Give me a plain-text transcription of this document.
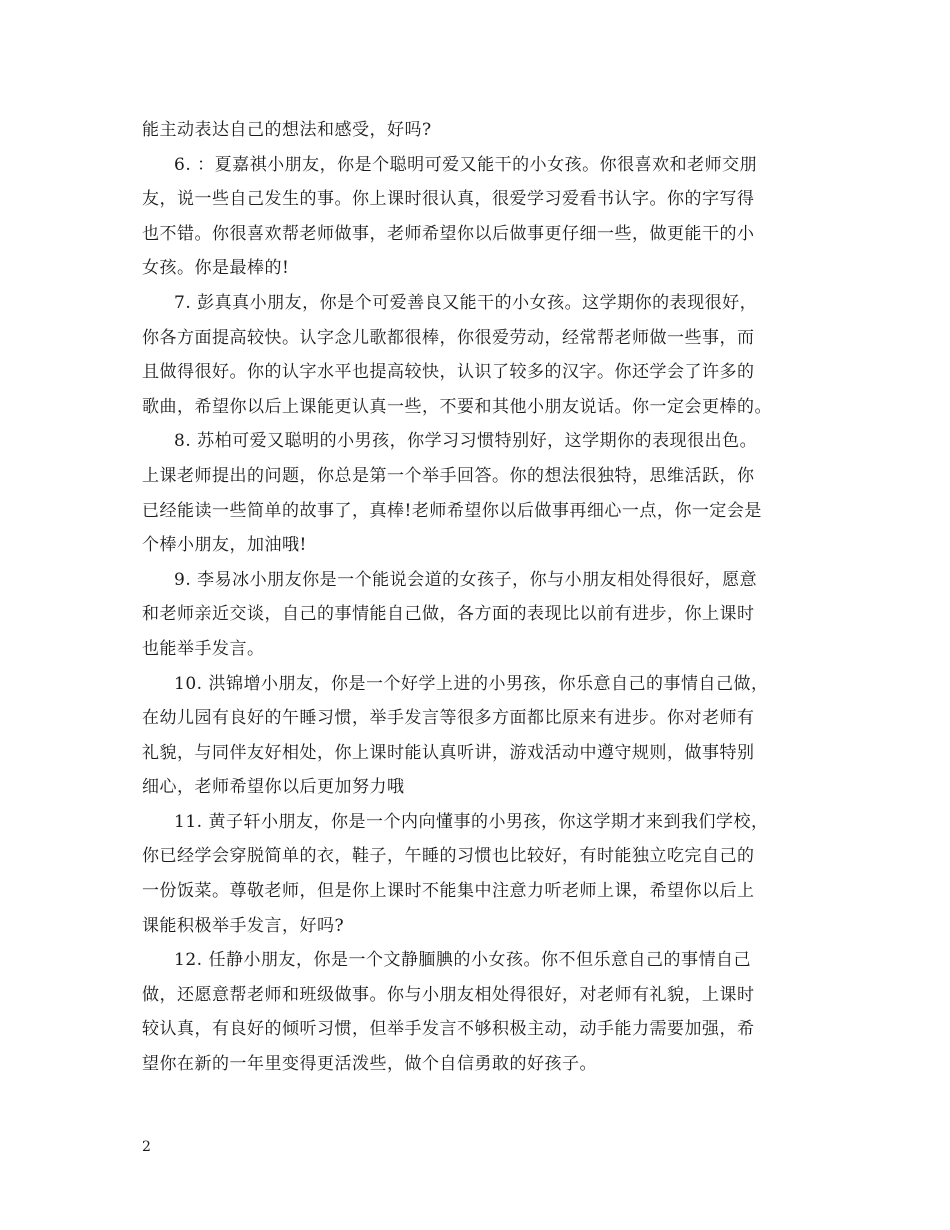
能主动表达自己的想法和感受，好吗?
6. ：夏嘉祺小朋友，你是个聪明可爱又能干的小女孩。你很喜欢和老师交朋
友，说一些自己发生的事。你上课时很认真，很爱学习爱看书认字。你的字写得
也不错。你很喜欢帮老师做事，老师希望你以后做事更仔细一些，做更能干的小
女孩。你是最棒的!
7. 彭真真小朋友，你是个可爱善良又能干的小女孩。这学期你的表现很好，
你各方面提高较快。认字念儿歌都很棒，你很爱劳动，经常帮老师做一些事，而
且做得很好。你的认字水平也提高较快，认识了较多的汉字。你还学会了许多的
歌曲，希望你以后上课能更认真一些，不要和其他小朋友说话。你一定会更棒的。
8. 苏柏可爱又聪明的小男孩，你学习习惯特别好，这学期你的表现很出色。
上课老师提出的问题，你总是第一个举手回答。你的想法很独特，思维活跃，你
已经能读一些简单的故事了，真棒!老师希望你以后做事再细心一点，你一定会是
个棒小朋友，加油哦!
9. 李易冰小朋友你是一个能说会道的女孩子，你与小朋友相处得很好，愿意
和老师亲近交谈，自己的事情能自己做，各方面的表现比以前有进步，你上课时
也能举手发言。
10. 洪锦增小朋友，你是一个好学上进的小男孩，你乐意自己的事情自己做，
在幼儿园有良好的午睡习惯，举手发言等很多方面都比原来有进步。你对老师有
礼貌，与同伴友好相处，你上课时能认真听讲，游戏活动中遵守规则，做事特别
细心，老师希望你以后更加努力哦
11. 黄子轩小朋友，你是一个内向懂事的小男孩，你这学期才来到我们学校，
你已经学会穿脱简单的衣，鞋子，午睡的习惯也比较好，有时能独立吃完自己的
一份饭菜。尊敬老师，但是你上课时不能集中注意力听老师上课，希望你以后上
课能积极举手发言，好吗?
12. 任静小朋友，你是一个文静腼腆的小女孩。你不但乐意自己的事情自己
做，还愿意帮老师和班级做事。你与小朋友相处得很好，对老师有礼貌，上课时
较认真，有良好的倾听习惯，但举手发言不够积极主动，动手能力需要加强，希
望你在新的一年里变得更活泼些，做个自信勇敢的好孩子。
2
